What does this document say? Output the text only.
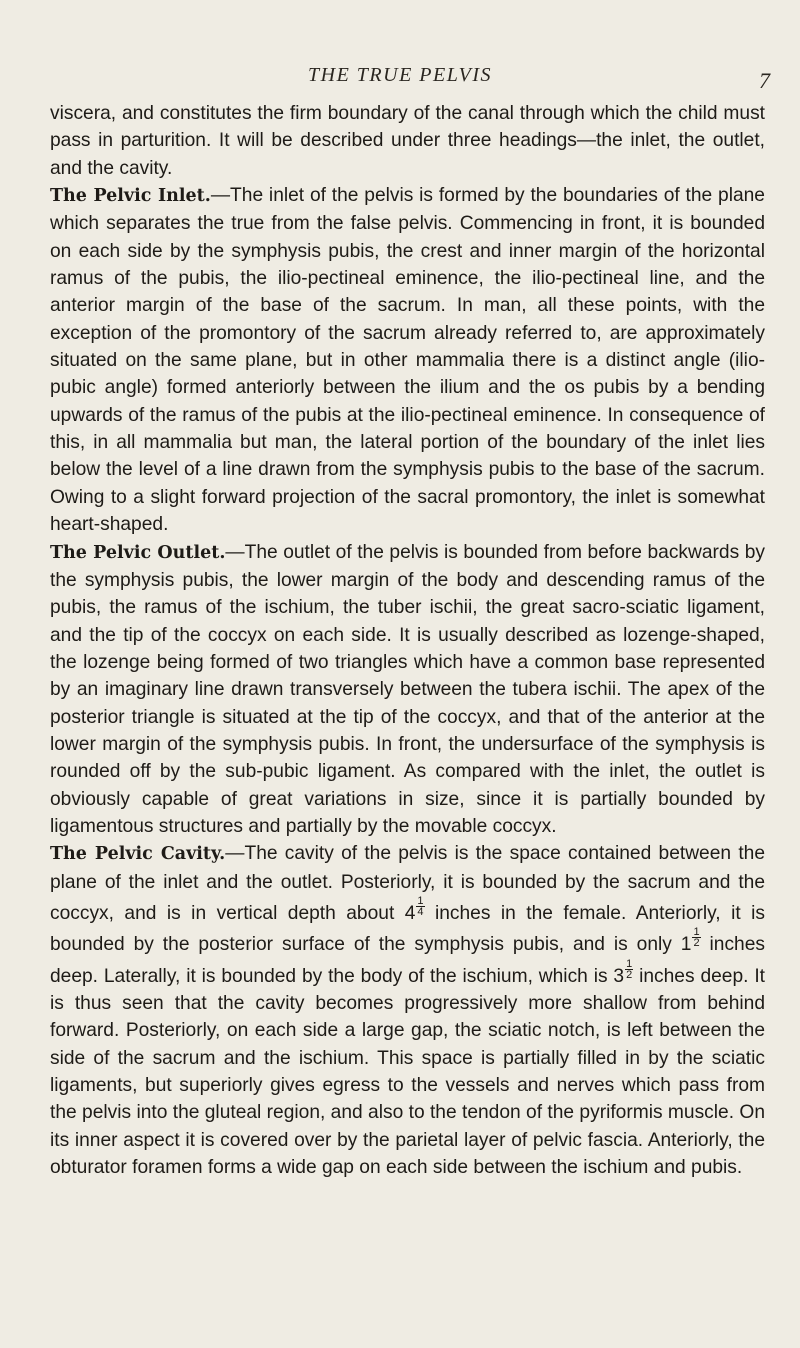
THE TRUE PELVIS	7

viscera, and constitutes the firm boundary of the canal through which the child must pass in parturition. It will be described under three headings—the inlet, the outlet, and the cavity.

The Pelvic Inlet.—The inlet of the pelvis is formed by the boundaries of the plane which separates the true from the false pelvis. Commencing in front, it is bounded on each side by the symphysis pubis, the crest and inner margin of the horizontal ramus of the pubis, the ilio-pectineal eminence, the ilio-pectineal line, and the anterior margin of the base of the sacrum. In man, all these points, with the exception of the promontory of the sacrum already referred to, are approximately situated on the same plane, but in other mammalia there is a distinct angle (ilio-pubic angle) formed anteriorly between the ilium and the os pubis by a bending upwards of the ramus of the pubis at the ilio-pectineal eminence. In consequence of this, in all mammalia but man, the lateral portion of the boundary of the inlet lies below the level of a line drawn from the symphysis pubis to the base of the sacrum. Owing to a slight forward projection of the sacral promontory, the inlet is somewhat heart-shaped.

The Pelvic Outlet.—The outlet of the pelvis is bounded from before backwards by the symphysis pubis, the lower margin of the body and descending ramus of the pubis, the ramus of the ischium, the tuber ischii, the great sacro-sciatic ligament, and the tip of the coccyx on each side. It is usually described as lozenge-shaped, the lozenge being formed of two triangles which have a common base represented by an imaginary line drawn transversely between the tubera ischii. The apex of the posterior triangle is situated at the tip of the coccyx, and that of the anterior at the lower margin of the symphysis pubis. In front, the undersurface of the symphysis is rounded off by the sub-pubic ligament. As compared with the inlet, the outlet is obviously capable of great variations in size, since it is partially bounded by ligamentous structures and partially by the movable coccyx.

The Pelvic Cavity.—The cavity of the pelvis is the space contained between the plane of the inlet and the outlet. Posteriorly, it is bounded by the sacrum and the coccyx, and is in vertical depth about $4 \frac{1}{4}$ inches in the female. Anteriorly, it is bounded by the posterior surface of the symphysis pubis, and is only $1 \frac{1}{2}$ inches deep. Laterally, it is bounded by the body of the ischium, which is $3 \frac{1}{2}$ inches deep. It is thus seen that the cavity becomes progressively more shallow from behind forward. Posteriorly, on each side a large gap, the sciatic notch, is left between the side of the sacrum and the ischium. This space is partially filled in by the sciatic ligaments, but superiorly gives egress to the vessels and nerves which pass from the pelvis into the gluteal region, and also to the tendon of the pyriformis muscle. On its inner aspect it is covered over by the parietal layer of pelvic fascia. Anteriorly, the obturator foramen forms a wide gap on each side between the ischium and pubis.
